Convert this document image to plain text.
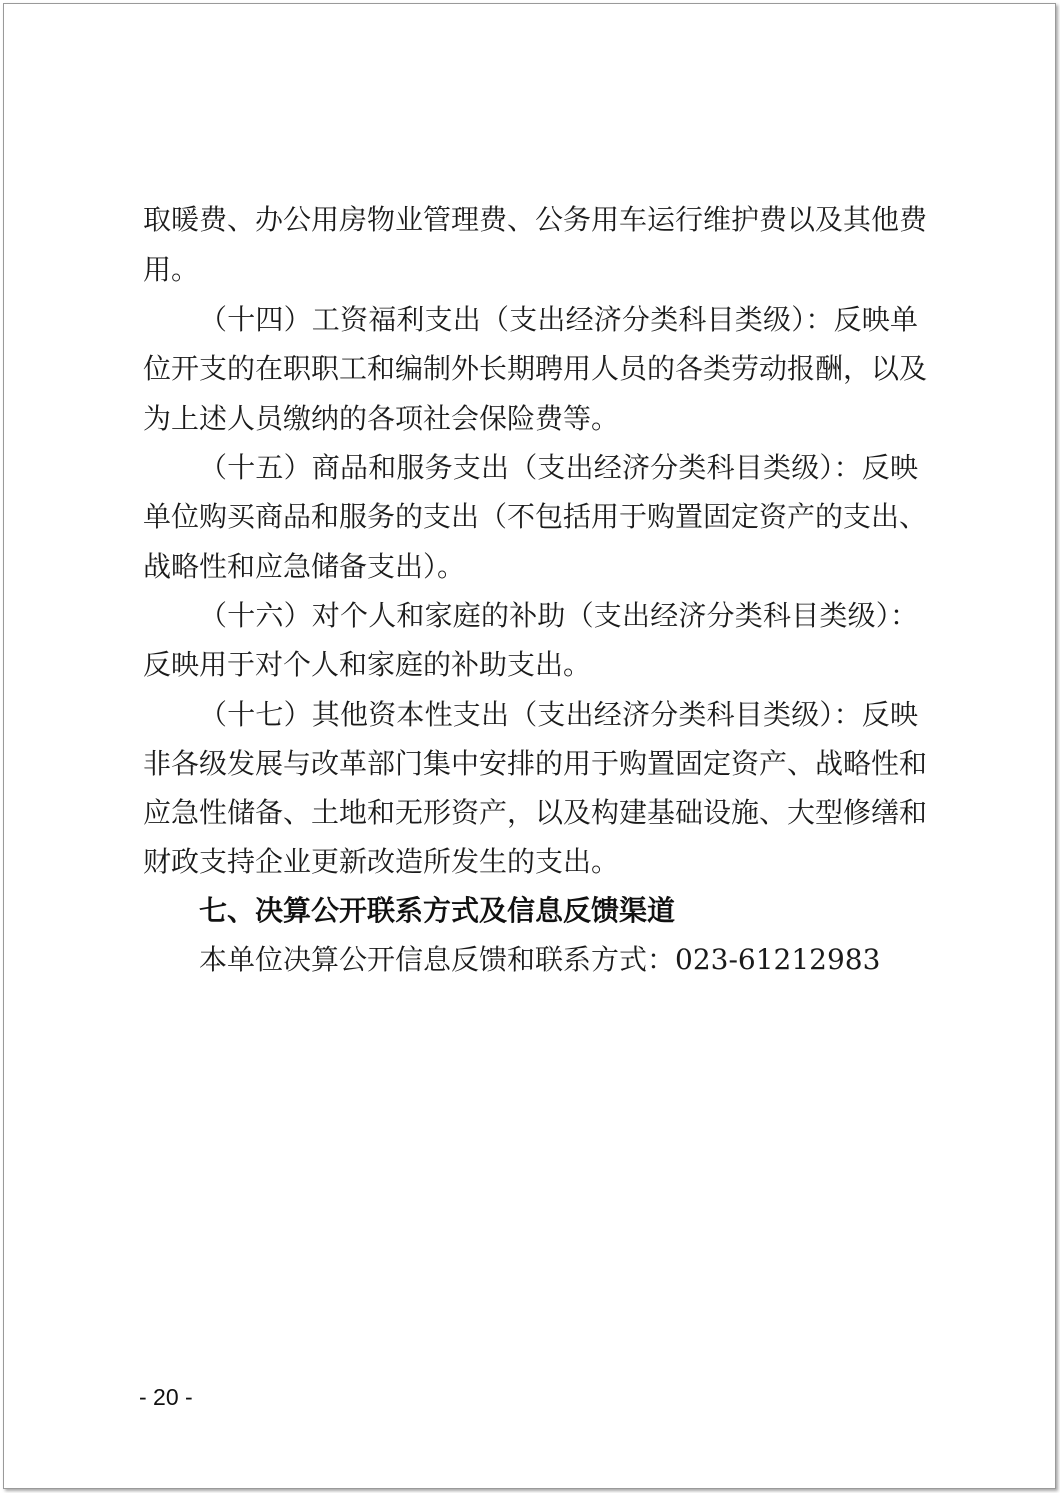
取暖费、办公用房物业管理费、公务用车运行维护费以及其他费
用。
（十四）工资福利支出（支出经济分类科目类级）：反映单
位开支的在职职工和编制外长期聘用人员的各类劳动报酬，以及
为上述人员缴纳的各项社会保险费等。
（十五）商品和服务支出（支出经济分类科目类级）：反映
单位购买商品和服务的支出（不包括用于购置固定资产的支出、
战略性和应急储备支出）。
（十六）对个人和家庭的补助（支出经济分类科目类级）：
反映用于对个人和家庭的补助支出。
（十七）其他资本性支出（支出经济分类科目类级）：反映
非各级发展与改革部门集中安排的用于购置固定资产、战略性和
应急性储备、土地和无形资产，以及构建基础设施、大型修缮和
财政支持企业更新改造所发生的支出。
七、决算公开联系方式及信息反馈渠道
本单位决算公开信息反馈和联系方式：023-61212983
- 20 -
